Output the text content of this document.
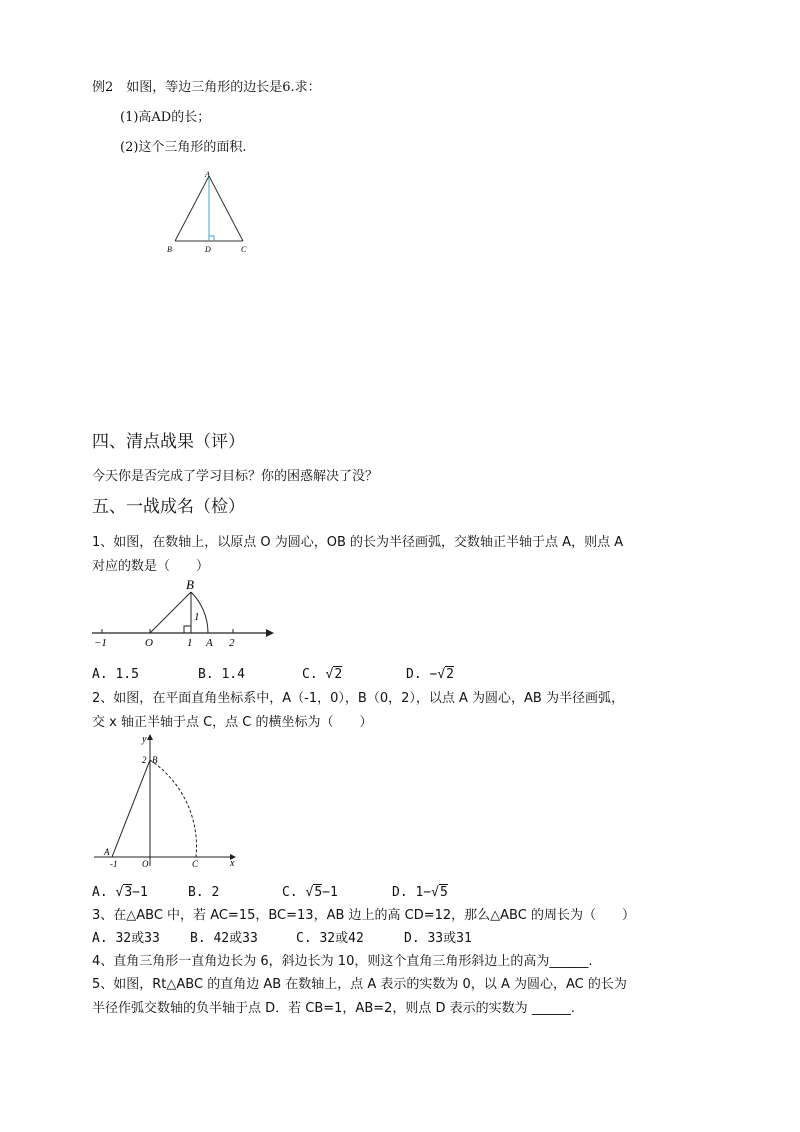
例2　如图，等边三角形的边长是6.求：
(1)高AD的长；
(2)这个三角形的面积.
A
B	D	C
四、清点战果（评）
今天你是否完成了学习目标？你的困惑解决了没？
五、一战成名（检）
1、如图，在数轴上，以原点 O 为圆心，OB 的长为半径画弧，交数轴正半轴于点 A，则点 A
对应的数是（　　）
B
1
−1	O	1 A 2
A. 1.5	B. 1.4	C. √2	D. −√2
2、如图，在平面直角坐标系中，A（-1，0），B（0，2），以点 A 为圆心，AB 为半径画弧，
交 x 轴正半轴于点 C，点 C 的横坐标为（　　）
y
x
2 B
A
-1	O	C
A. √3−1	B. 2	C. √5−1	D. 1−√5
3、在△ABC 中，若 AC=15，BC=13，AB 边上的高 CD=12，那么△ABC 的周长为（　　）
A. 32或33 B. 42或33	C. 32或42	D. 33或31
4、直角三角形一直角边长为 6，斜边长为 10，则这个直角三角形斜边上的高为______.
5、如图，Rt△ABC 的直角边 AB 在数轴上，点 A 表示的实数为 0，以 A 为圆心，AC 的长为
半径作弧交数轴的负半轴于点 D．若 CB=1，AB=2，则点 D 表示的实数为 ______.
